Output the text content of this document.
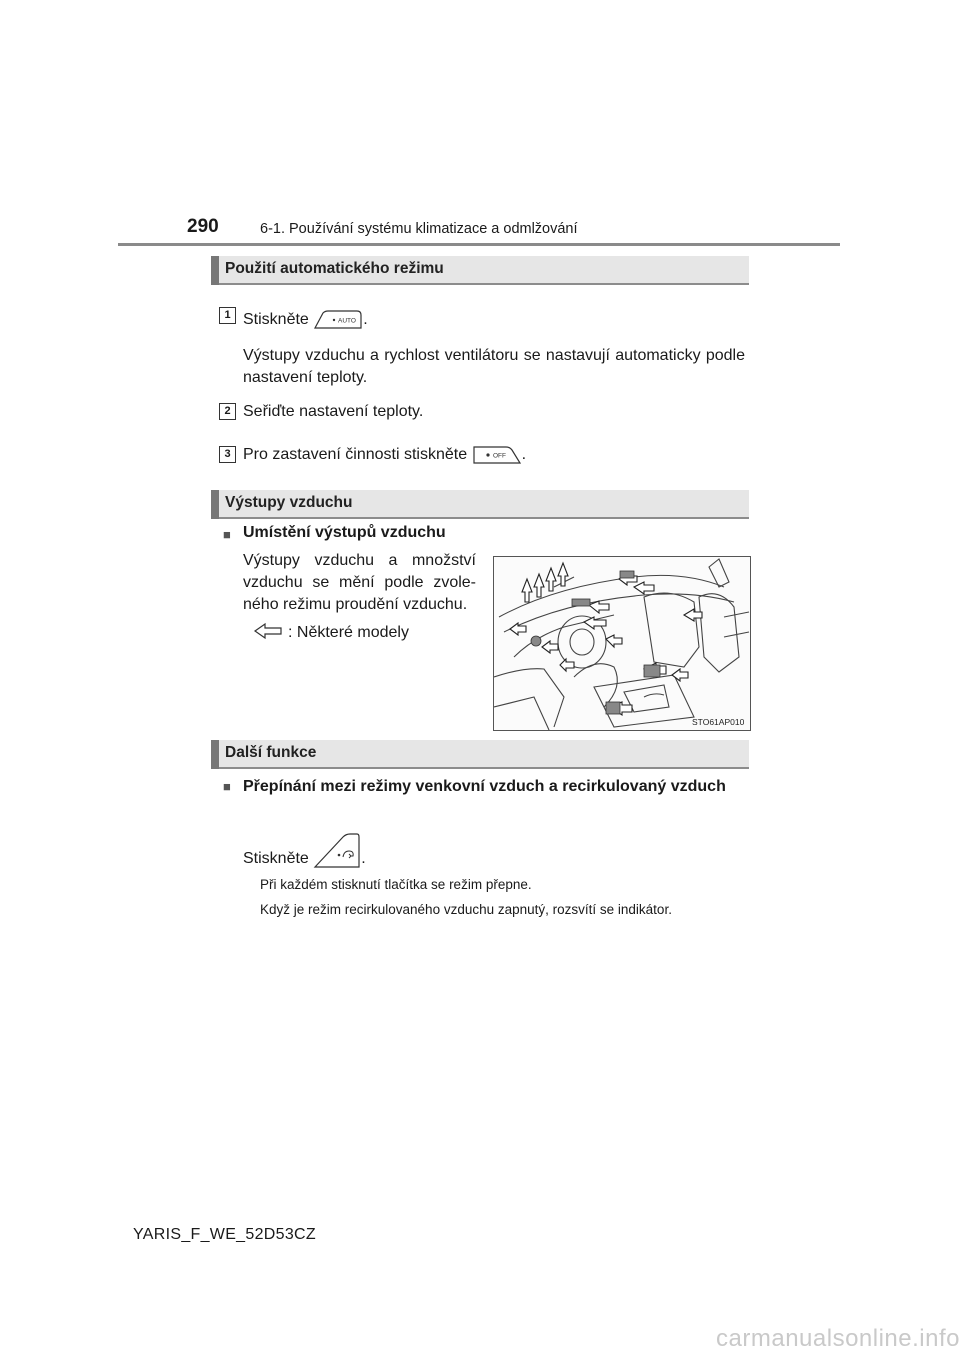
290	6-1. Používání systému klimatizace a odmlžování
Použití automatického režimu
1 Stiskněte	AUTO .
Výstupy vzduchu a rychlost ventilátoru se nastavují automaticky podle nastavení teploty.
2 Seřiďte nastavení teploty.
3 Pro zastavení činnosti stiskněte	OFF .
Výstupy vzduchu
■ Umístění výstupů vzduchu
Výstupy vzduchu a množství vzduchu se mění podle zvoleného režimu proudění vzduchu.
: Některé modely
STO61AP010
Další funkce
■ Přepínání mezi režimy venkovní vzduch a recirkulovaný vzduch
Stiskněte	.
Při každém stisknutí tlačítka se režim přepne.
Když je režim recirkulovaného vzduchu zapnutý, rozsvítí se indikátor.
YARIS_F_WE_52D53CZ
carmanualsonline.info
